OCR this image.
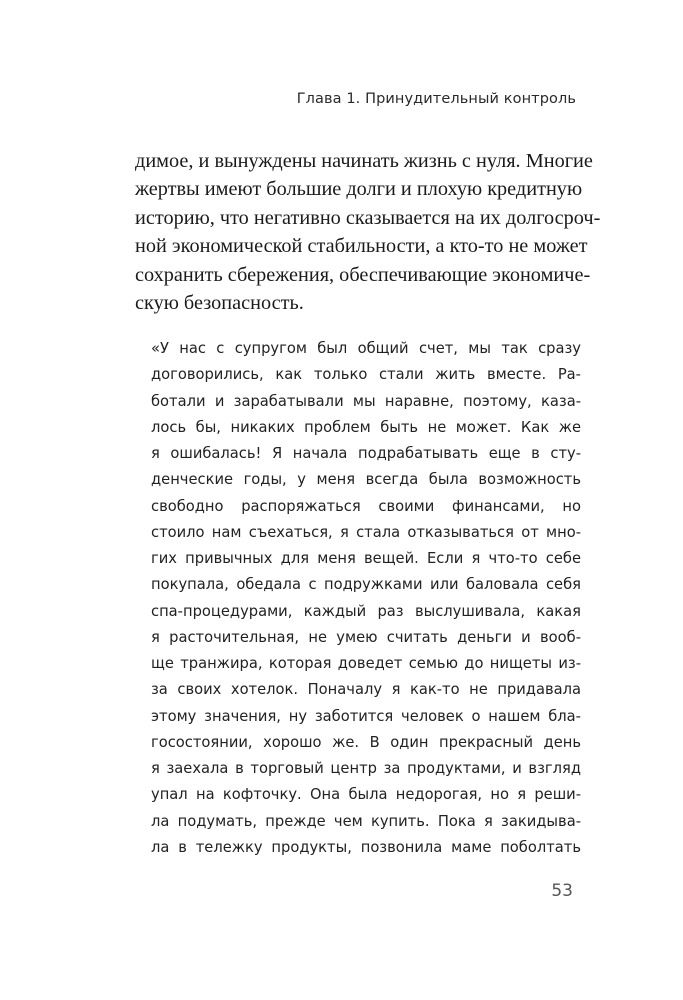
Глава 1. Принудительный контроль
димое, и вынуждены начинать жизнь с нуля. Многие
жертвы имеют большие долги и плохую кредитную
историю, что негативно сказывается на их долгосроч-
ной экономической стабильности, а кто-то не может
сохранить сбережения, обеспечивающие экономиче-
скую безопасность.
«У нас с супругом был общий счет, мы так сразу
договорились, как только стали жить вместе. Ра-
ботали и зарабатывали мы наравне, поэтому, каза-
лось бы, никаких проблем быть не может. Как же
я ошибалась! Я начала подрабатывать еще в сту-
денческие годы, у меня всегда была возможность
свободно распоряжаться своими финансами, но
стоило нам съехаться, я стала отказываться от мно-
гих привычных для меня вещей. Если я что-то себе
покупала, обедала с подружками или баловала себя
спа-процедурами, каждый раз выслушивала, какая
я расточительная, не умею считать деньги и вооб-
ще транжира, которая доведет семью до нищеты из-
за своих хотелок. Поначалу я как-то не придавала
этому значения, ну заботится человек о нашем бла-
госостоянии, хорошо же. В один прекрасный день
я заехала в торговый центр за продуктами, и взгляд
упал на кофточку. Она была недорогая, но я реши-
ла подумать, прежде чем купить. Пока я закидыва-
ла в тележку продукты, позвонила маме поболтать
53
